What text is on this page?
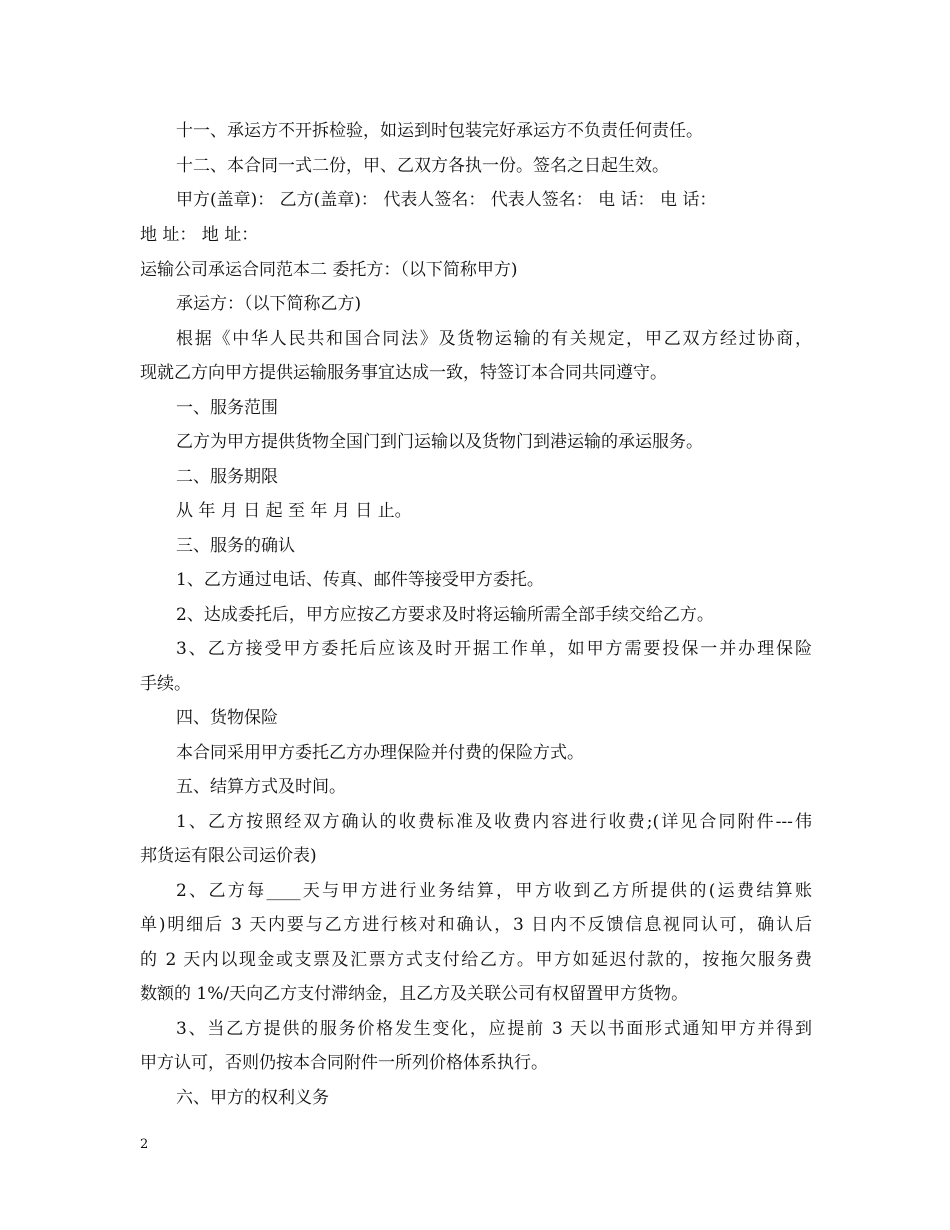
十一、承运方不开拆检验，如运到时包装完好承运方不负责任何责任。
十二、本合同一式二份，甲、乙双方各执一份。签名之日起生效。
甲方(盖章)： 乙方(盖章)： 代表人签名： 代表人签名： 电 话： 电 话：
地 址： 地 址：
运输公司承运合同范本二 委托方：（以下简称甲方)
承运方：（以下简称乙方)
根据《中华人民共和国合同法》及货物运输的有关规定，甲乙双方经过协商，
现就乙方向甲方提供运输服务事宜达成一致，特签订本合同共同遵守。
一、服务范围
乙方为甲方提供货物全国门到门运输以及货物门到港运输的承运服务。
二、服务期限
从 年 月 日 起 至 年 月 日 止。
三、服务的确认
1、乙方通过电话、传真、邮件等接受甲方委托。
2、达成委托后，甲方应按乙方要求及时将运输所需全部手续交给乙方。
3、乙方接受甲方委托后应该及时开据工作单，如甲方需要投保一并办理保险
手续。
四、货物保险
本合同采用甲方委托乙方办理保险并付费的保险方式。
五、结算方式及时间。
1、乙方按照经双方确认的收费标准及收费内容进行收费;(详见合同附件---伟
邦货运有限公司运价表)
2、乙方每____天与甲方进行业务结算，甲方收到乙方所提供的(运费结算账
单)明细后 3 天内要与乙方进行核对和确认，3 日内不反馈信息视同认可，确认后
的 2 天内以现金或支票及汇票方式支付给乙方。甲方如延迟付款的，按拖欠服务费
数额的 1%/天向乙方支付滞纳金，且乙方及关联公司有权留置甲方货物。
3、当乙方提供的服务价格发生变化，应提前 3 天以书面形式通知甲方并得到
甲方认可，否则仍按本合同附件一所列价格体系执行。
六、甲方的权利义务
2
